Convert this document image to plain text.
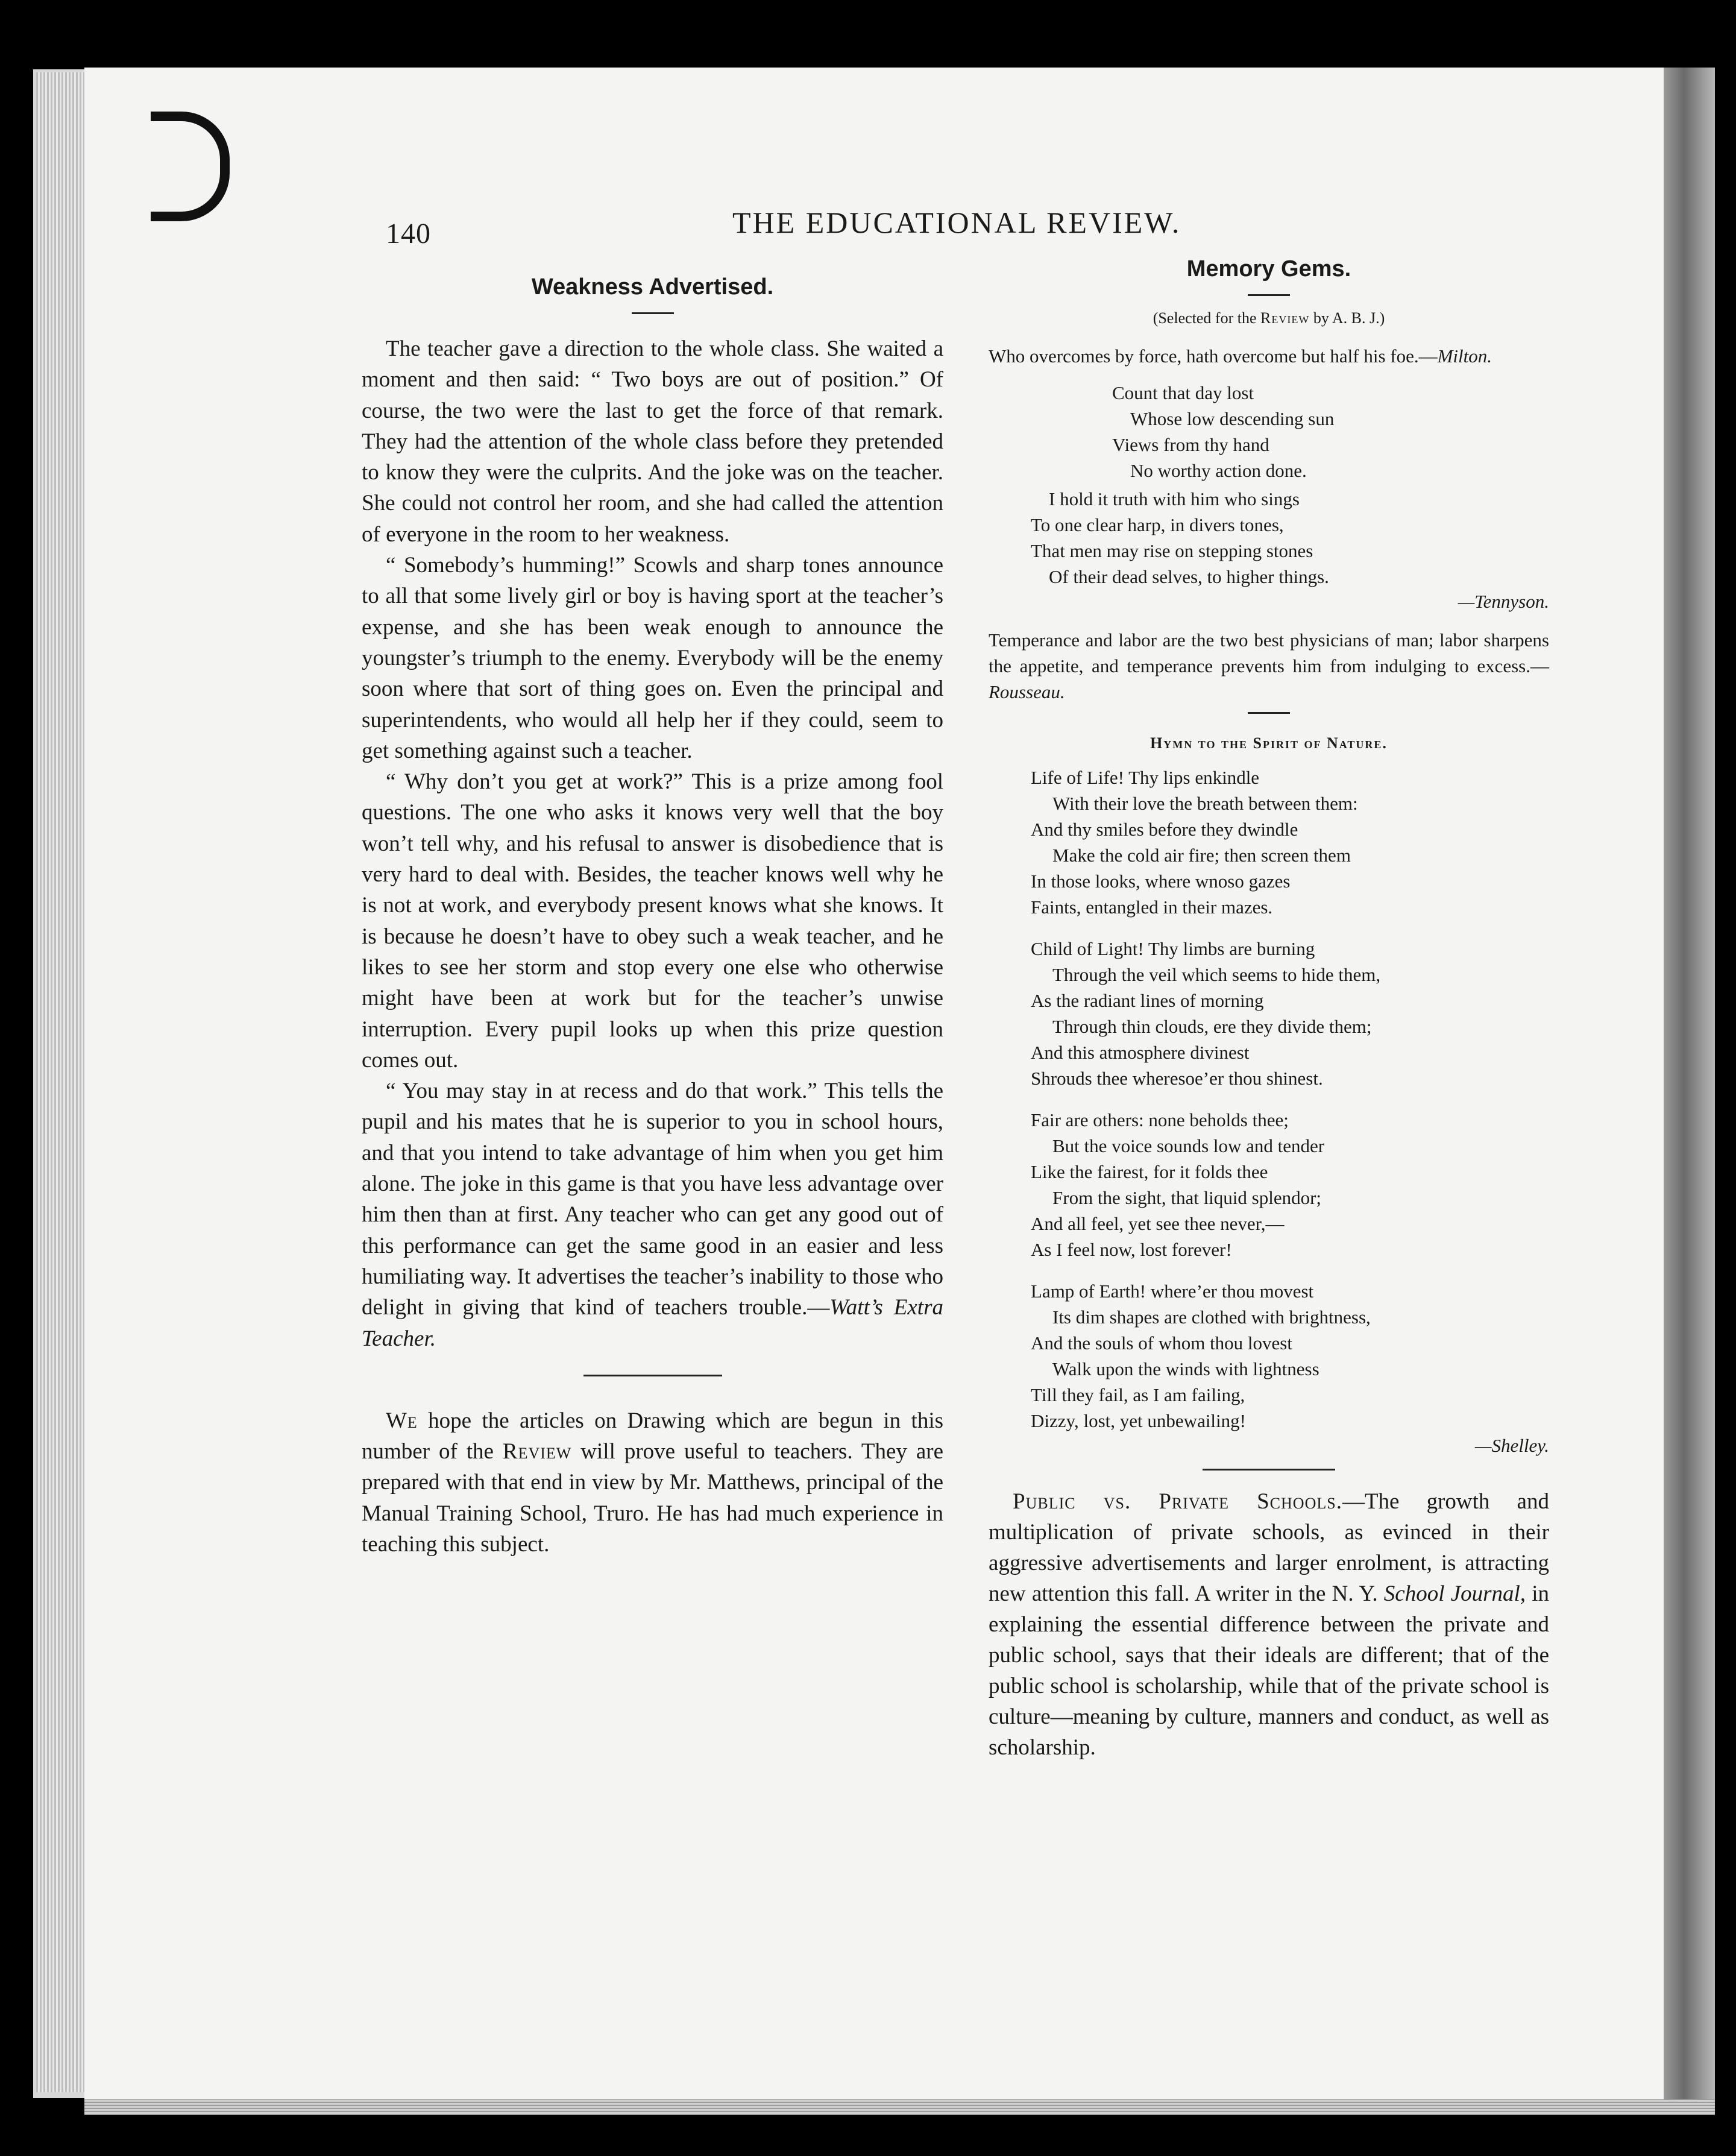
140	THE EDUCATIONAL REVIEW.
Weakness Advertised.

The teacher gave a direction to the whole class. She waited a moment and then said: “ Two boys are out of position.” Of course, the two were the last to get the force of that remark. They had the attention of the whole class before they pretended to know they were the culprits. And the joke was on the teacher. She could not control her room, and she had called the attention of everyone in the room to her weakness.

“ Somebody’s humming!” Scowls and sharp tones announce to all that some lively girl or boy is having sport at the teacher’s expense, and she has been weak enough to announce the youngster’s triumph to the enemy. Everybody will be the enemy soon where that sort of thing goes on. Even the principal and superintendents, who would all help her if they could, seem to get something against such a teacher.

“ Why don’t you get at work?” This is a prize among fool questions. The one who asks it knows very well that the boy won’t tell why, and his refusal to answer is disobedience that is very hard to deal with. Besides, the teacher knows well why he is not at work, and everybody present knows what she knows. It is because he doesn’t have to obey such a weak teacher, and he likes to see her storm and stop every one else who otherwise might have been at work but for the teacher’s unwise interruption. Every pupil looks up when this prize question comes out.

“ You may stay in at recess and do that work.” This tells the pupil and his mates that he is superior to you in school hours, and that you intend to take advantage of him when you get him alone. The joke in this game is that you have less advantage over him then than at first. Any teacher who can get any good out of this performance can get the same good in an easier and less humiliating way. It advertises the teacher’s inability to those who delight in giving that kind of teachers trouble.—Watt’s Extra Teacher.

We hope the articles on Drawing which are begun in this number of the Review will prove useful to teachers. They are prepared with that end in view by Mr. Matthews, principal of the Manual Training School, Truro. He has had much experience in teaching this subject.

Memory Gems.

(Selected for the Review by A. B. J.)

Who overcomes by force, hath overcome but half his foe.—Milton.

Count that day lost

Whose low descending sun

Views from thy hand

No worthy action done.

I hold it truth with him who sings

To one clear harp, in divers tones,

That men may rise on stepping stones

Of their dead selves, to higher things.

—Tennyson.

Temperance and labor are the two best physicians of man; labor sharpens the appetite, and temperance prevents him from indulging to excess.—Rousseau.

Hymn to the Spirit of Nature.

Life of Life! Thy lips enkindle

With their love the breath between them:

And thy smiles before they dwindle

Make the cold air fire; then screen them

In those looks, where wnoso gazes

Faints, entangled in their mazes.

Child of Light! Thy limbs are burning

Through the veil which seems to hide them,

As the radiant lines of morning

Through thin clouds, ere they divide them;

And this atmosphere divinest

Shrouds thee wheresoe’er thou shinest.

Fair are others: none beholds thee;

But the voice sounds low and tender

Like the fairest, for it folds thee

From the sight, that liquid splendor;

And all feel, yet see thee never,—

As I feel now, lost forever!

Lamp of Earth! where’er thou movest

Its dim shapes are clothed with brightness,

And the souls of whom thou lovest

Walk upon the winds with lightness

Till they fail, as I am failing,

Dizzy, lost, yet unbewailing!

—Shelley.

Public vs. Private Schools.—The growth and multiplication of private schools, as evinced in their aggressive advertisements and larger enrolment, is attracting new attention this fall. A writer in the N. Y. School Journal, in explaining the essential difference between the private and public school, says that their ideals are different; that of the public school is scholarship, while that of the private school is culture—meaning by culture, manners and conduct, as well as scholarship.
